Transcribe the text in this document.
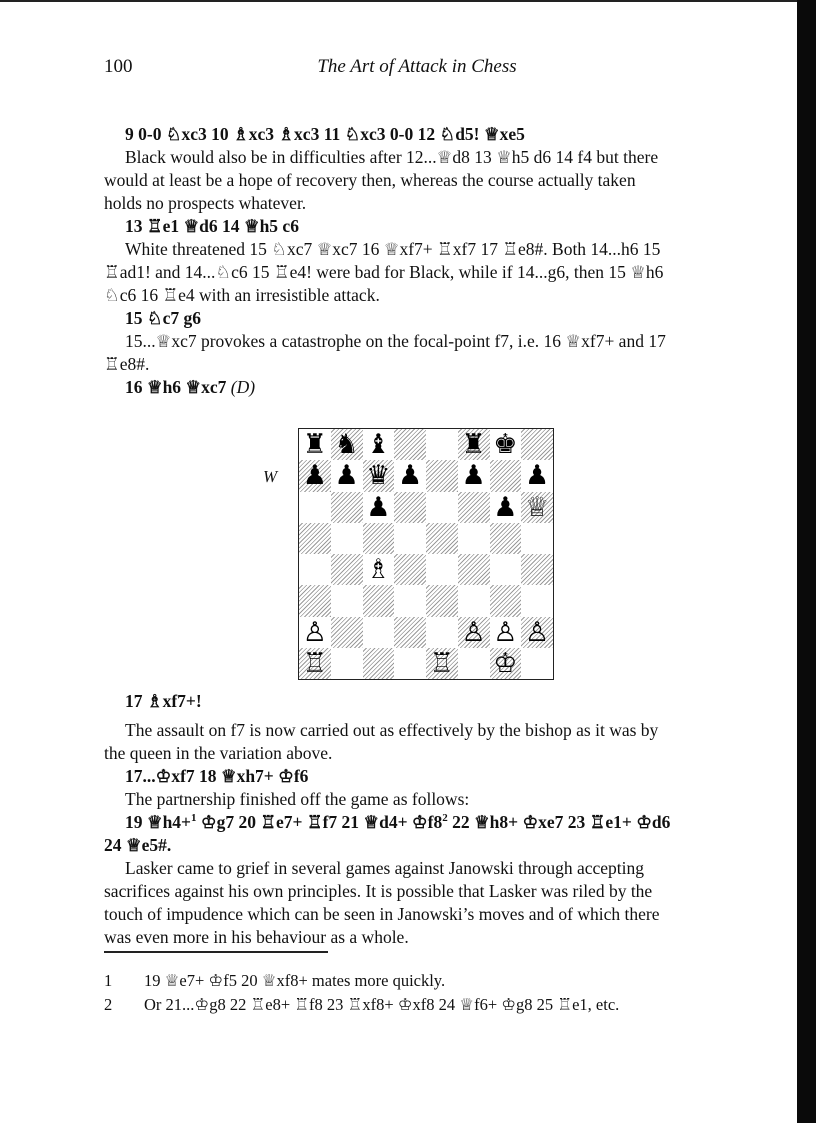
100	The Art of Attack in Chess
9 0-0 ♘xc3 10 ♗xc3 ♗xc3 11 ♘xc3 0-0 12 ♘d5! ♕xe5
Black would also be in difficulties after 12...♕d8 13 ♕h5 d6 14 f4 but there
would at least be a hope of recovery then, whereas the course actually taken
holds no prospects whatever.
13 ♖e1 ♕d6 14 ♕h5 c6
White threatened 15 ♘xc7 ♕xc7 16 ♕xf7+ ♖xf7 17 ♖e8#. Both 14...h6 15
♖ad1! and 14...♘c6 15 ♖e4! were bad for Black, while if 14...g6, then 15 ♕h6
♘c6 16 ♖e4 with an irresistible attack.
15 ♘c7 g6
15...♕xc7 provokes a catastrophe on the focal-point f7, i.e. 16 ♕xf7+ and 17
♖e8#.
16 ♕h6 ♕xc7 (D)
W
♜ ♞ ♝	♜ ♚
♟ ♟ ♛ ♟ ♟ ♟
♟	♟ ♕
♗
♙	♙ ♙ ♙
♖	♖ ♔
17 ♗xf7+!
The assault on f7 is now carried out as effectively by the bishop as it was by
the queen in the variation above.
17...♔xf7 18 ♕xh7+ ♔f6
The partnership finished off the game as follows:
19 ♕h4+$^1$ ♔g7 20 ♖e7+ ♖f7 21 ♕d4+ $♔f8^2$ 22 ♕h8+ ♔xe7 23 ♖e1+ ♔d6
24 ♕e5#.
Lasker came to grief in several games against Janowski through accepting
sacrifices against his own principles. It is possible that Lasker was riled by the
touch of impudence which can be seen in Janowski’s moves and of which there
was even more in his behaviour as a whole.
1 19 ♕e7+ ♔f5 20 ♕xf8+ mates more quickly.
2 Or 21...♔g8 22 ♖e8+ ♖f8 23 ♖xf8+ ♔xf8 24 ♕f6+ ♔g8 25 ♖e1, etc.
